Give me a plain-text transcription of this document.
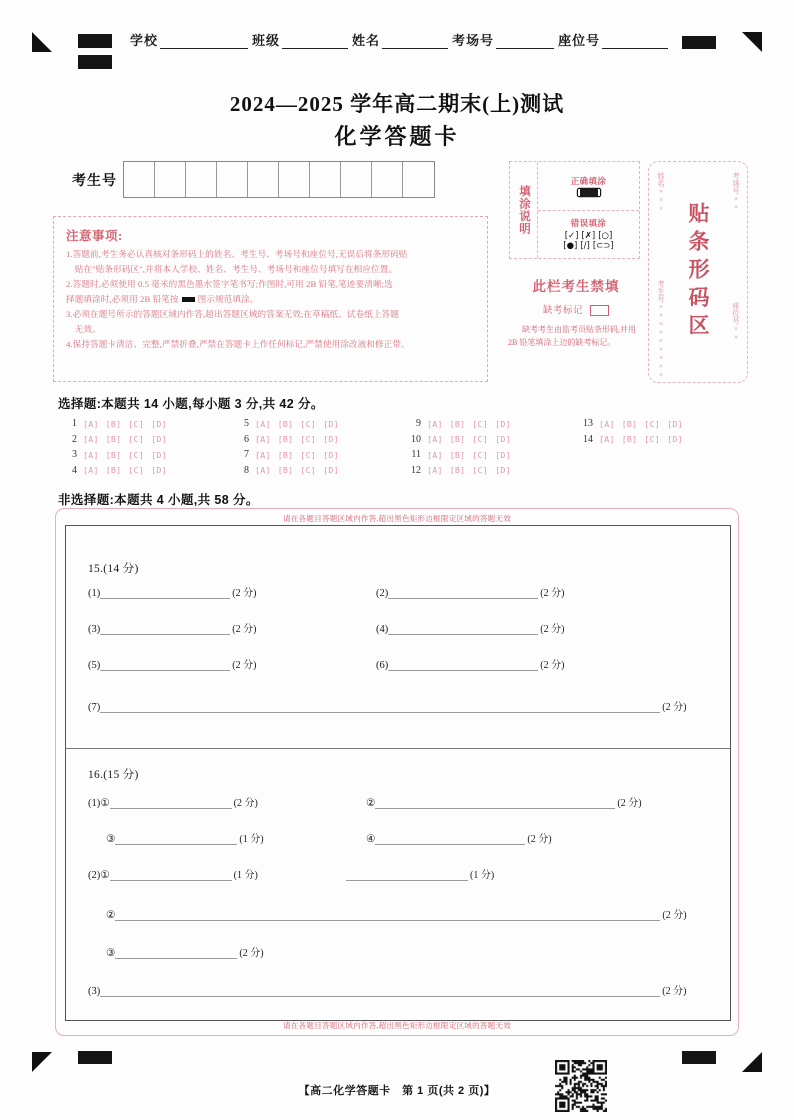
学校	班级	姓名	考场号	座位号
2024—2025 学年高二期末(上)测试
化学答题卡
考生号
注意事项:
1.答题前,考生务必认真核对条形码上的姓名、考生号、考场号和座位号,无误后将条形码贴
　贴在"贴条形码区",并将本人学校、姓名、考生号、考场号和座位号填写在相应位置。
2.答题时,必须使用 0.5 毫米的黑色墨水签字笔书写;作图时,可用 2B 铅笔,笔迹要清晰;选
择题填涂时,必须用 2B 铅笔按 图示规范填涂。
3.必须在题号所示的答题区域内作答,超出答题区域的答案无效;在草稿纸、试卷纸上答题
　无效。
4.保持答题卡清洁、完整,严禁折叠,严禁在答题卡上作任何标记,严禁使用涂改液和修正带。
填涂说明
正确填涂
错误填涂
[✓] [✗] [○]
[●] [/] [⊂⊃]
此栏考生禁填
缺考标记
缺考考生由监考员贴条形码,并用 2B 铅笔填涂上边的缺考标记。
贴条形码区
考场号××
姓名×××
考生号×××××××××	座位号××
选择题:本题共 14 小题,每小题 3 分,共 42 分。
1 [A] [B] [C] [D]
2 [A] [B] [C] [D]
3 [A] [B] [C] [D]
4 [A] [B] [C] [D]
5 [A] [B] [C] [D]
6 [A] [B] [C] [D]
7 [A] [B] [C] [D]
8 [A] [B] [C] [D]
9 [A] [B] [C] [D]
10 [A] [B] [C] [D]
11 [A] [B] [C] [D]
12 [A] [B] [C] [D]
13 [A] [B] [C] [D]
14 [A] [B] [C] [D]
非选择题:本题共 4 小题,共 58 分。
请在各题目答题区域内作答,超出黑色矩形边框限定区域的答题无效
请在各题目答题区域内作答,超出黑色矩形边框限定区域的答题无效
15.(14 分)
(1)	(2 分)	(2)	(2 分)
(3)	(2 分)	(4)	(2 分)
(5)	(2 分)	(6)	(2 分)
(7)	(2 分)
16.(15 分)
(1)①	(2 分)	②	(2 分)
③	(1 分)	④	(2 分)
(2)①	(1 分)	(1 分)
②	(2 分)
③	(2 分)
(3)	(2 分)
【高二化学答题卡　第 1 页(共 2 页)】
